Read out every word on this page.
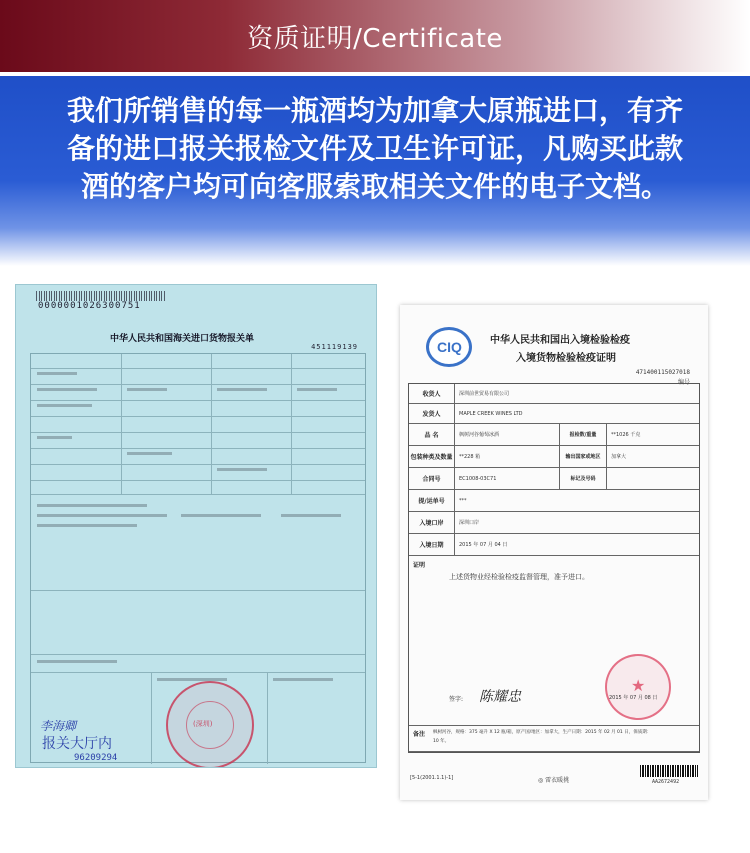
资质证明/Certificate
我们所销售的每一瓶酒均为加拿大原瓶进口，有齐备的进口报关报检文件及卫生许可证，凡购买此款酒的客户均可向客服索取相关文件的电子文档。
0000001026300751
中华人民共和国海关进口货物报关单
451119139
(深圳)
李海卿
报关大厅内
96209294
CIQ	中华人民共和国出入境检验检疫
入境货物检验检疫证明
471400115027018
编号
收货人	深圳前世贸易有限公司
发货人	MAPLE CREEK WINES LTD
品 名	枫树河谷葡萄冰酒	报检数/重量	**1026 千克
包装种类及数量	**228 箱	输出国家或地区	加拿大
合同号	EC1008-03C71	标记及号码
提/运单号	***
入境口岸	深圳口岸
入境日期	2015 年 07 月 04 日
证明
上述货物业经检验检疫监督管理，准予进口。
★
签字: 陈耀忠	2015 年 07 月 08 日
备注 枫树河谷，规格：375 毫升 X 12 瓶/箱，原产国/地区：加拿大，生产日期：2015 年 02 月 01 日，保质期：
10 年。
[5-1(2001.1.1)-1]	◎ 雷衣暖挑	AA2672492
